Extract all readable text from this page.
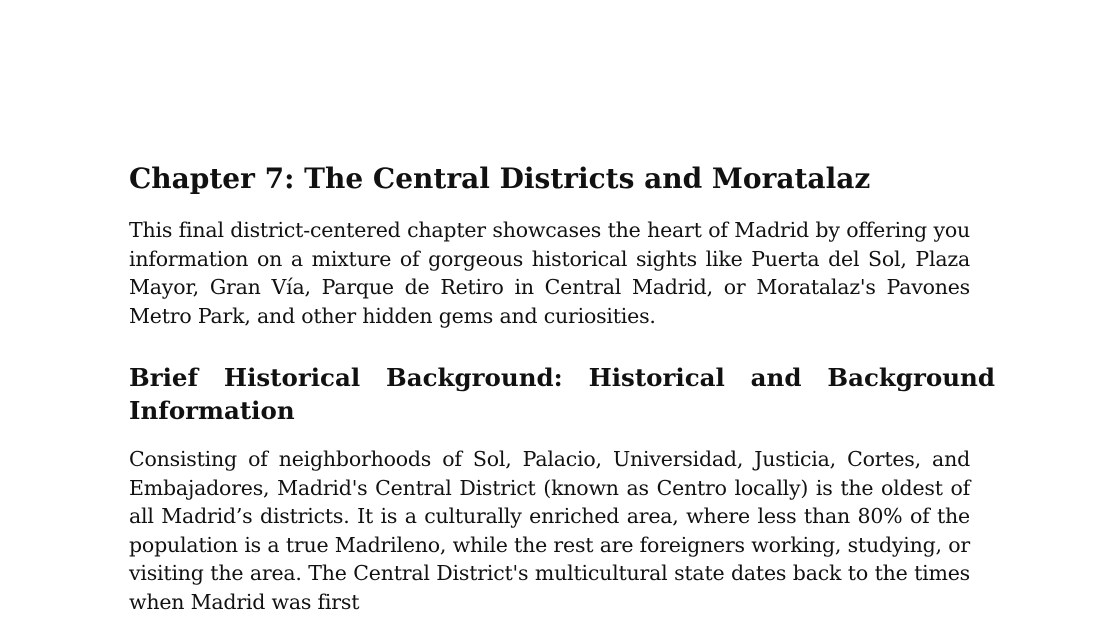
Chapter 7: The Central Districts and Moratalaz

This final district-centered chapter showcases the heart of Madrid by offering you information on a mixture of gorgeous historical sights like Puerta del Sol, Plaza Mayor, Gran Vía, Parque de Retiro in Central Madrid, or Moratalaz's Pavones Metro Park, and other hidden gems and curiosities.

Brief Historical Background: Historical and Background Information

Consisting of neighborhoods of Sol, Palacio, Universidad, Justicia, Cortes, and Embajadores, Madrid's Central District (known as Centro locally) is the oldest of all Madrid’s districts. It is a culturally enriched area, where less than 80% of the population is a true Madrileno, while the rest are foreigners working, studying, or visiting the area. The Central District's multicultural state dates back to the times when Madrid was first
